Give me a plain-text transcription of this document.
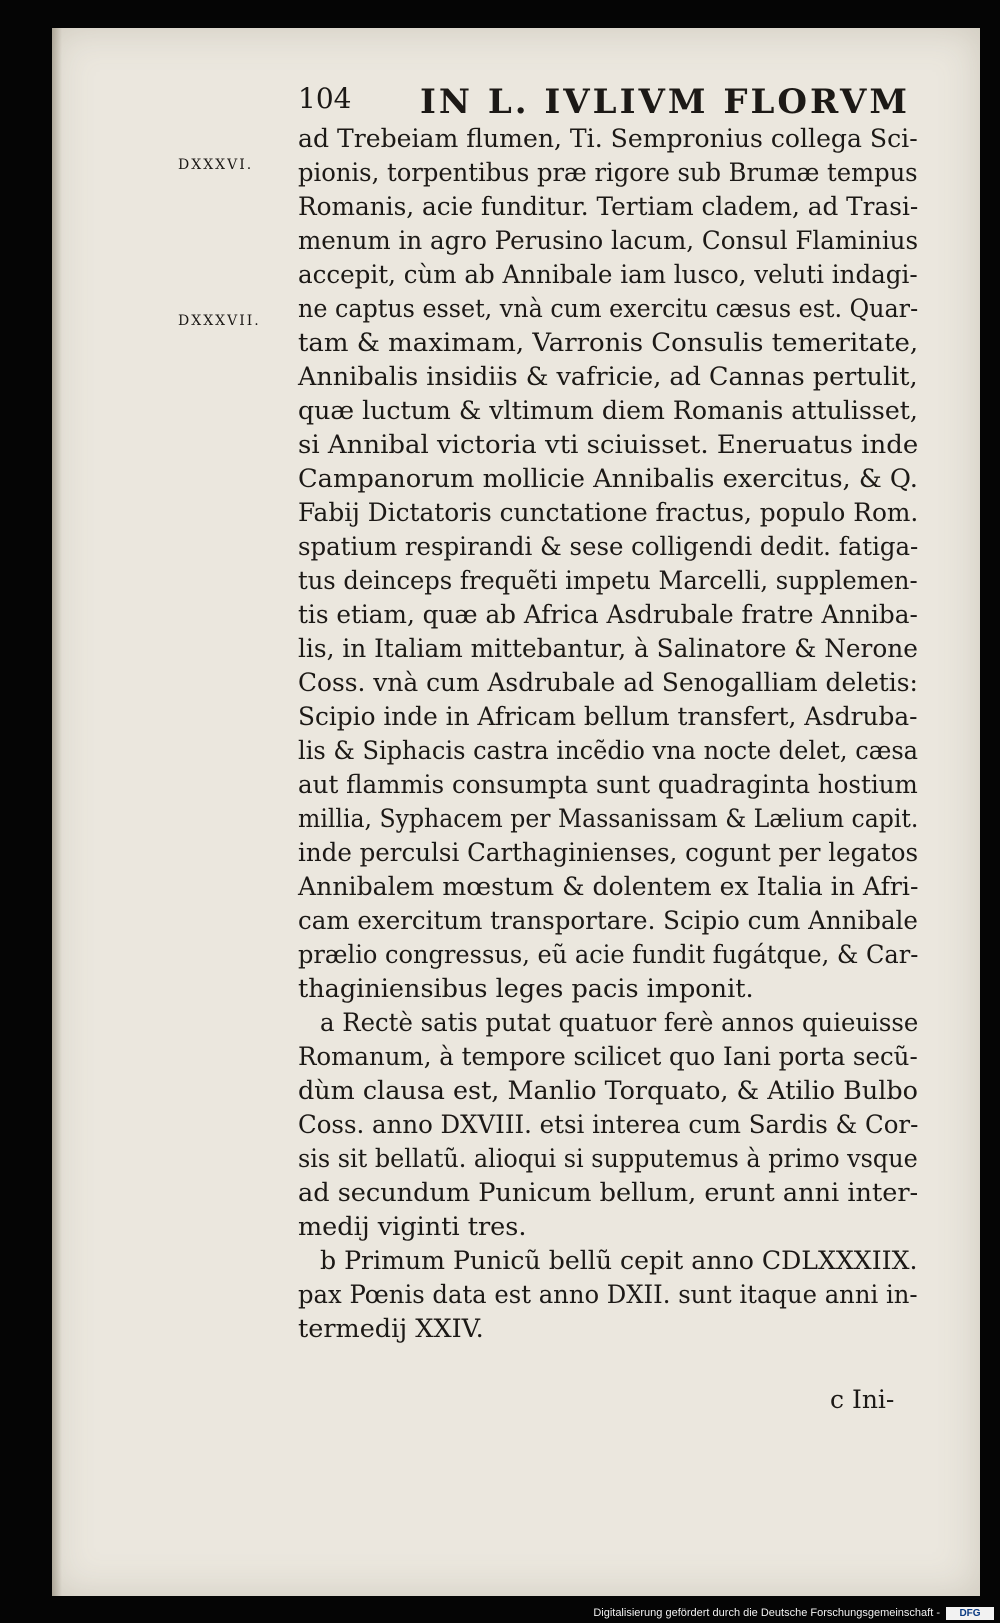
104 IN L. IVLIVM FLORVM
DXXXVI.
DXXXVII.
ad Trebeiam flumen, Ti. Sempronius collega Sci-
pionis, torpentibus præ rigore sub Brumæ tempus
Romanis, acie funditur. Tertiam cladem, ad Trasi-
menum in agro Perusino lacum, Consul Flaminius
accepit, cùm ab Annibale iam lusco, veluti indagi-
ne captus esset, vnà cum exercitu cæsus est. Quar-
tam & maximam, Varronis Consulis temeritate,
Annibalis insidiis & vafricie, ad Cannas pertulit,
quæ luctum & vltimum diem Romanis attulisset,
si Annibal victoria vti sciuisset. Eneruatus inde
Campanorum mollicie Annibalis exercitus, & Q.
Fabij Dictatoris cunctatione fractus, populo Rom.
spatium respirandi & sese colligendi dedit. fatiga-
tus deinceps frequẽti impetu Marcelli, supplemen-
tis etiam, quæ ab Africa Asdrubale fratre Anniba-
lis, in Italiam mittebantur, à Salinatore & Nerone
Coss. vnà cum Asdrubale ad Senogalliam deletis:
Scipio inde in Africam bellum transfert, Asdruba-
lis & Siphacis castra incẽdio vna nocte delet, cæsa
aut flammis consumpta sunt quadraginta hostium
millia, Syphacem per Massanissam & Lælium capit.
inde perculsi Carthaginienses, cogunt per legatos
Annibalem mœstum & dolentem ex Italia in Afri-
cam exercitum transportare. Scipio cum Annibale
prælio congressus, eũ acie fundit fugátque, & Car-
thaginiensibus leges pacis imponit.
a Rectè satis putat quatuor ferè annos quieuisse
Romanum, à tempore scilicet quo Iani porta secũ-
dùm clausa est, Manlio Torquato, & Atilio Bulbo
Coss. anno DXVIII. etsi interea cum Sardis & Cor-
sis sit bellatũ. alioqui si supputemus à primo vsque
ad secundum Punicum bellum, erunt anni inter-
medij viginti tres.
b Primum Punicũ bellũ cepit anno CDLXXXIIX.
pax Pœnis data est anno DXII. sunt itaque anni in-
termedij XXIV.
c Ini-
Digitalisierung gefördert durch die Deutsche Forschungsgemeinschaft -	DFG
